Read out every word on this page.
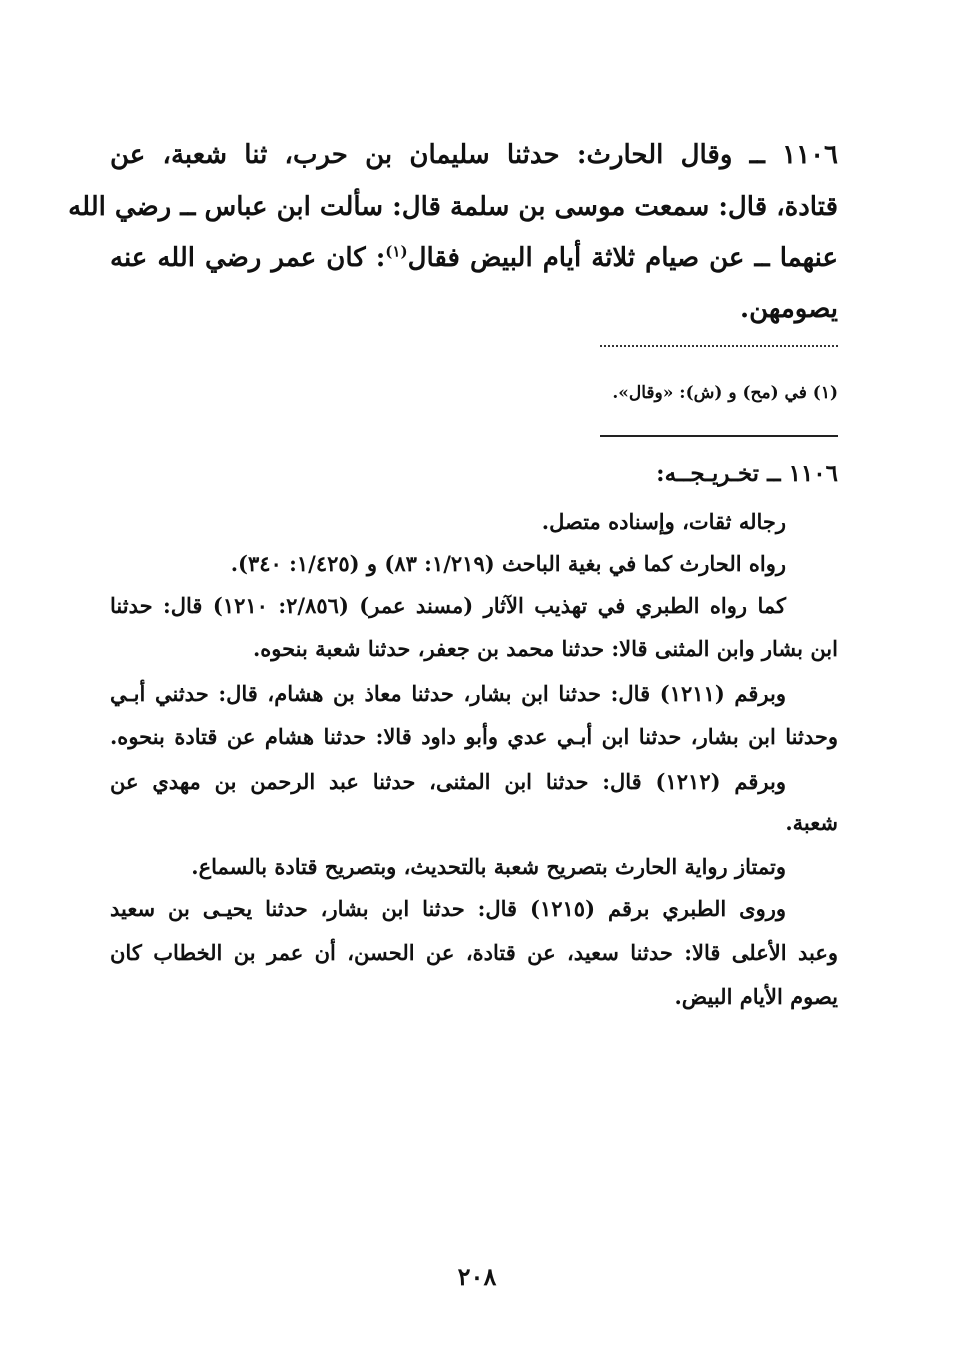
١١٠٦ ــ وقال الحارث: حدثنا سليمان بن حرب، ثنا شعبة، عن
قتادة، قال: سمعت موسى بن سلمة قال: سألت ابن عباس ــ رضي الله
عنهما ــ عن صيام ثلاثة أيام البيض فقال$^{(١)}$: كان عمر رضي الله عنه
يصومهن.
(١) في (مح) و (ش): «وقال».
١١٠٦ ــ تخـريـجــه:
رجاله ثقات، وإسناده متصل.
رواه الحارث كما في بغية الباحث (١/٢١٩: ٨٣) و (١/٤٢٥: ٣٤٠).
كما رواه الطبري في تهذيب الآثار (مسند عمر) (٢/٨٥٦: ١٢١٠) قال: حدثنا
ابن بشار وابن المثنى قالا: حدثنا محمد بن جعفر، حدثنا شعبة بنحوه.
وبرقم (١٢١١) قال: حدثنا ابن بشار، حدثنا معاذ بن هشام، قال: حدثني أبـي
وحدثنا ابن بشار، حدثنا ابن أبـي عدي وأبو داود قالا: حدثنا هشام عن قتادة بنحوه.
وبرقم (١٢١٢) قال: حدثنا ابن المثنى، حدثنا عبد الرحمن بن مهدي عن
شعبة.
وتمتاز رواية الحارث بتصريح شعبة بالتحديث، وبتصريح قتادة بالسماع.
وروى الطبري برقم (١٢١٥) قال: حدثنا ابن بشار، حدثنا يحيـى بن سعيد
وعبد الأعلى قالا: حدثنا سعيد، عن قتادة، عن الحسن، أن عمر بن الخطاب كان
يصوم الأيام البيض.
٢٠٨
